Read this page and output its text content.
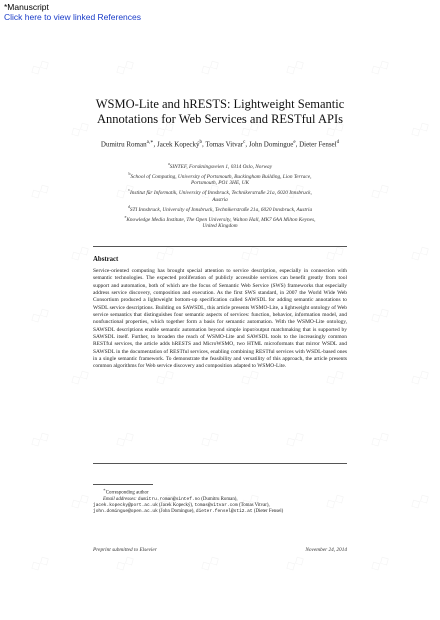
*Manuscript
Click here to view linked References
WSMO-Lite and hRESTS: Lightweight Semantic
Annotations for Web Services and RESTful APIs
Dumitru Roman$^{a,∗}$, Jacek Kopecký$^b$, Tomas Vitvar$^c$, John Domingue$^e$, Dieter Fensel$^d$
$^a$SINTEF, Forskningsveien 1, 0314 Oslo, Norway
$^b$School of Computing, University of Portsmouth, Buckingham Building, Lion Terrace,
Portsmouth, PO1 3HE, UK
$^c$Institut für Informatik, University of Innsbruck, Technikerstraße 21a, 6020 Innsbruck,
Austria
$^d$STI Innsbruck, University of Innsbruck, Technikerstraße 21a, 6020 Innsbruck, Austria
$^e$Knowledge Media Institute, The Open University, Walton Hall, MK7 6AA Milton Keynes,
United Kingdom
Abstract
Service-oriented computing has brought special attention to service description, especially in connection with semantic technologies. The expected proliferation of publicly accessible services can benefit greatly from tool support and automation, both of which are the focus of Semantic Web Service (SWS) frameworks that especially address service discovery, composition and execution. As the first SWS standard, in 2007 the World Wide Web Consortium produced a lightweight bottom-up specification called SAWSDL for adding semantic annotations to WSDL service descriptions. Building on SAWSDL, this article presents WSMO-Lite, a lightweight ontology of Web service semantics that distinguishes four semantic aspects of services: function, behavior, information model, and nonfunctional properties, which together form a basis for semantic automation. With the WSMO-Lite ontology, SAWSDL descriptions enable semantic automation beyond simple input/output matchmaking that is supported by SAWSDL itself. Further, to broaden the reach of WSMO-Lite and SAWSDL tools to the increasingly common RESTful services, the article adds hRESTS and MicroWSMO, two HTML microformats that mirror WSDL and SAWSDL in the documentation of RESTful services, enabling combining RESTful services with WSDL-based ones in a single semantic framework. To demonstrate the feasibility and versatility of this approach, the article presents common algorithms for Web service discovery and composition adapted to WSMO-Lite.
∗Corresponding author
Email addresses: dumitru.roman@sintef.no (Dumitru Roman),
jacek.kopecky@port.ac.uk (Jacek Kopecký), tomas@vitvar.com (Tomas Vitvar),
john.domingue@open.ac.uk (John Domingue), dieter.fensel@sti2.at (Dieter Fensel)
Preprint submitted to Elsevier	November 24, 2014
